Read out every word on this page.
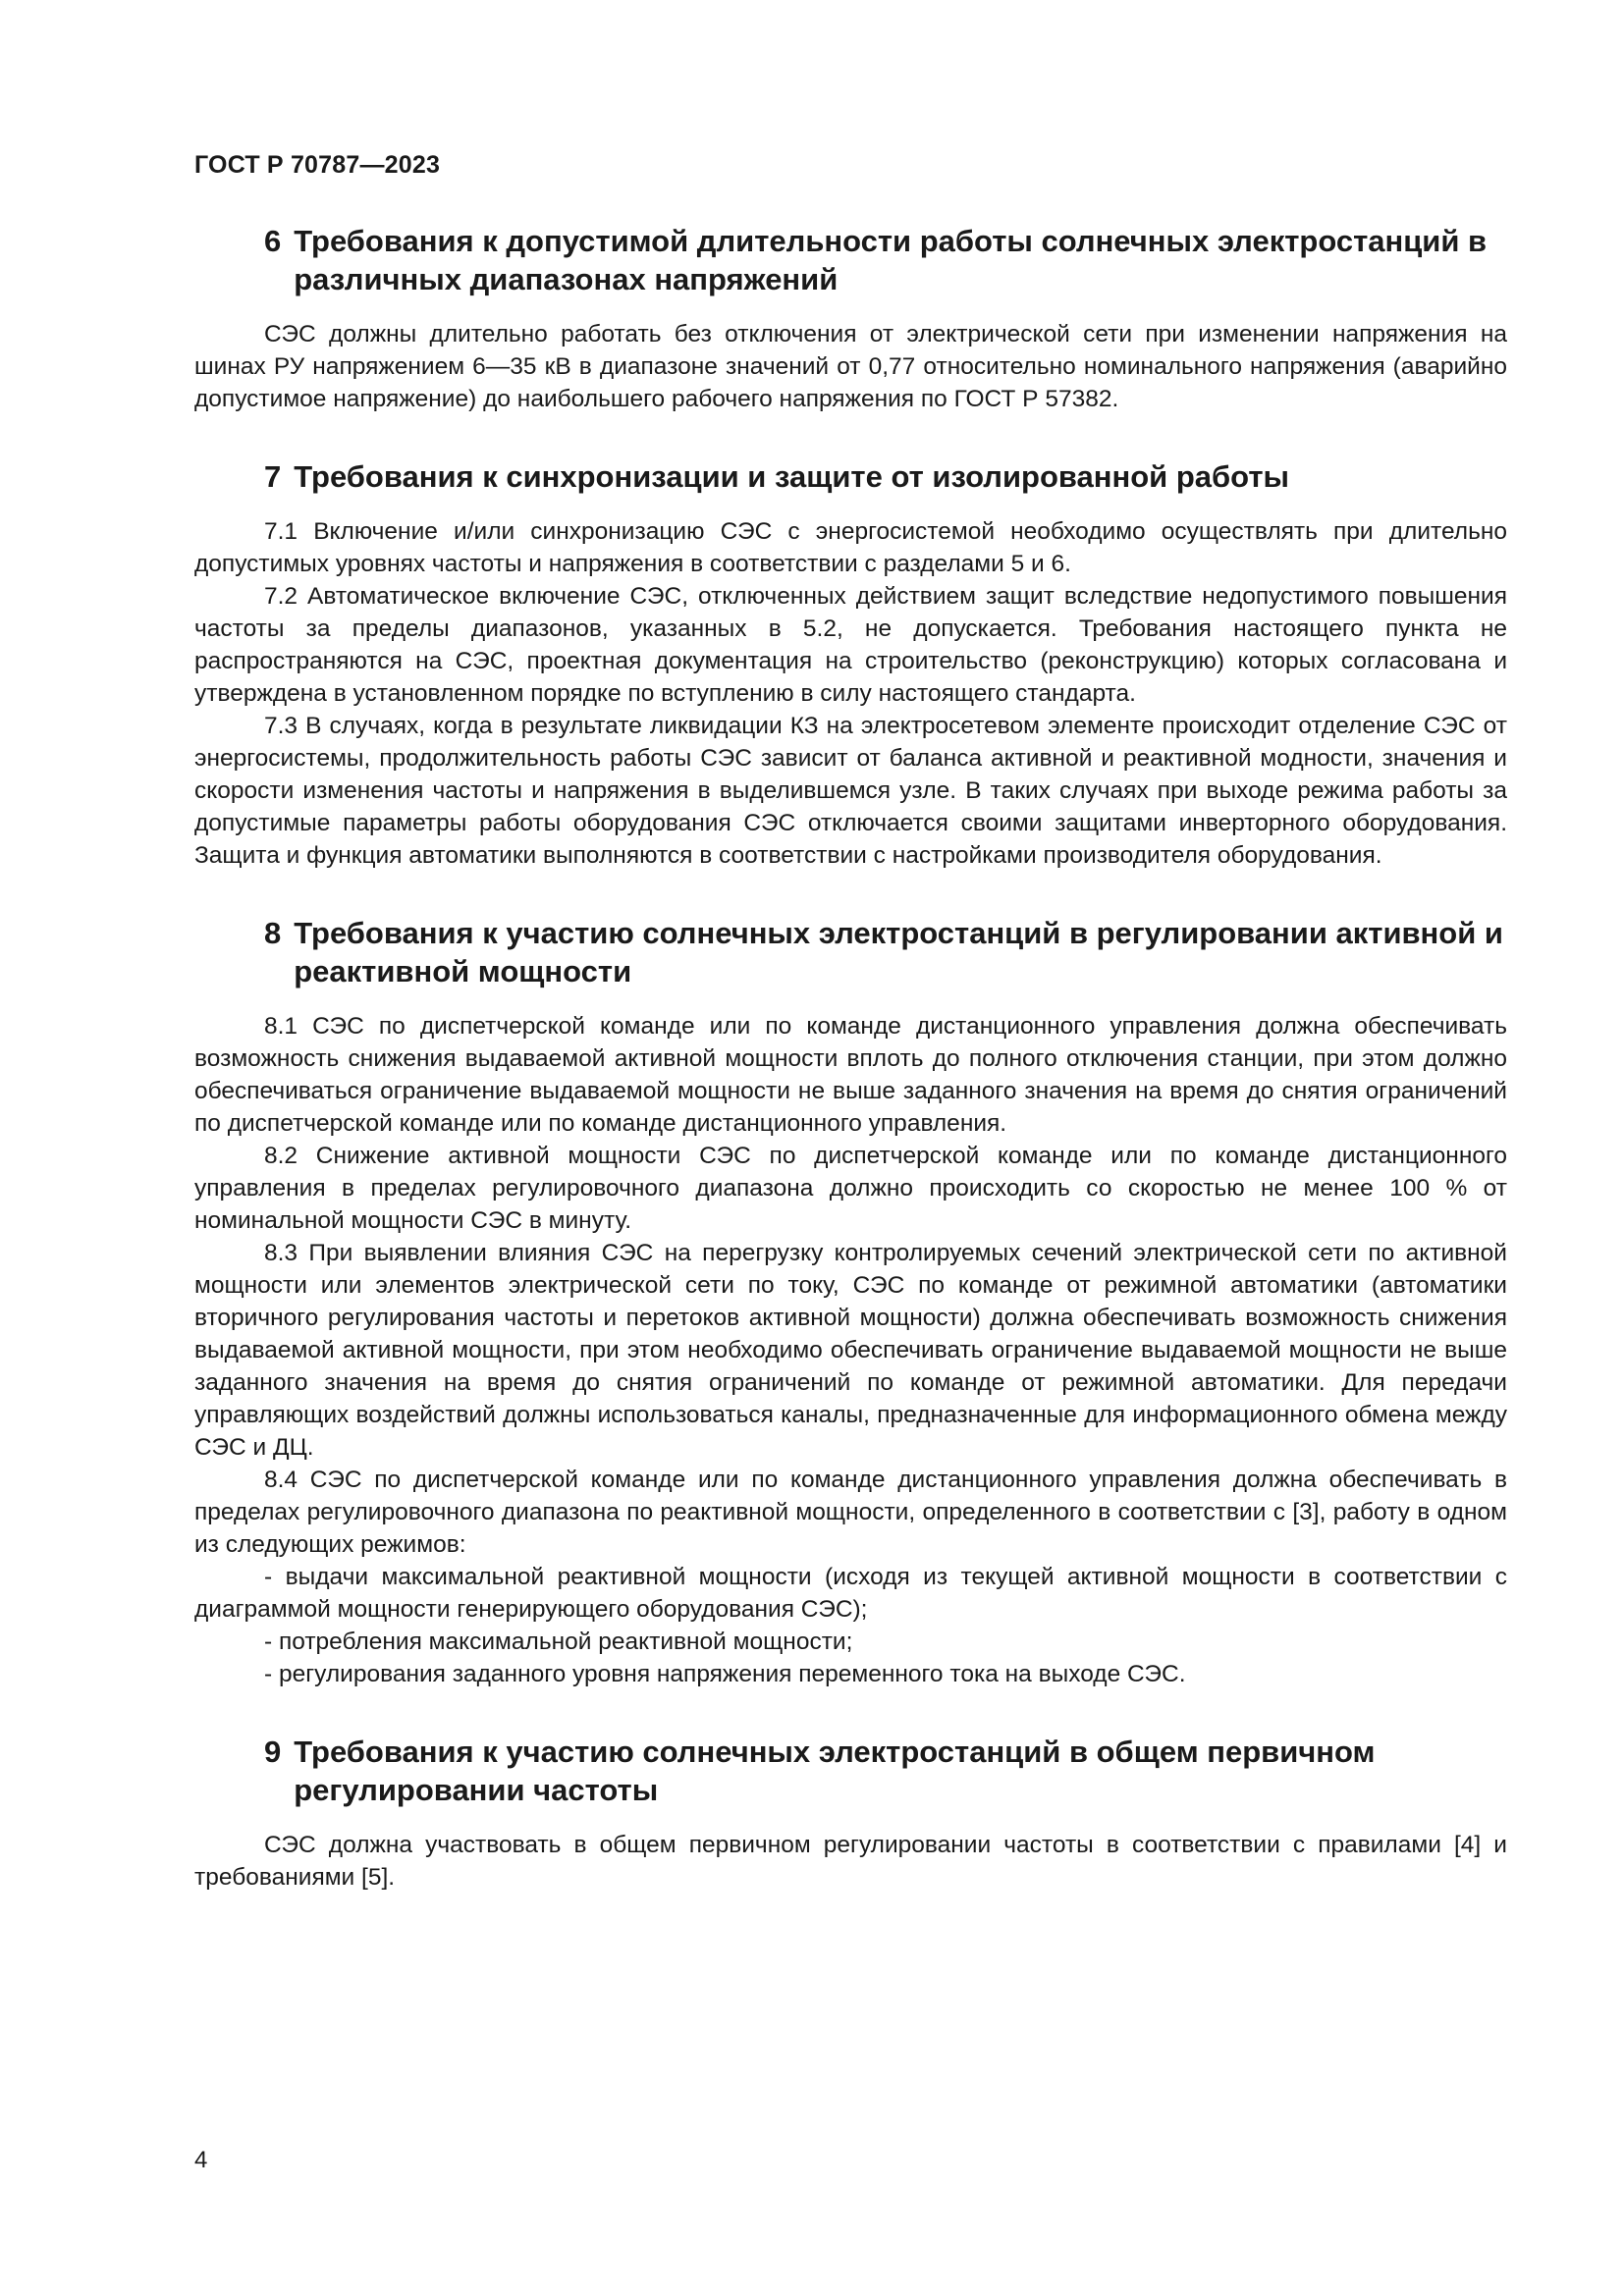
ГОСТ Р 70787—2023
6 Требования к допустимой длительности работы солнечных электростанций в различных диапазонах напряжений

СЭС должны длительно работать без отключения от электрической сети при изменении напряжения на шинах РУ напряжением 6—35 кВ в диапазоне значений от 0,77 относительно номинального напряжения (аварийно допустимое напряжение) до наибольшего рабочего напряжения по ГОСТ Р 57382.

7 Требования к синхронизации и защите от изолированной работы

7.1 Включение и/или синхронизацию СЭС с энергосистемой необходимо осуществлять при длительно допустимых уровнях частоты и напряжения в соответствии с разделами 5 и 6.

7.2 Автоматическое включение СЭС, отключенных действием защит вследствие недопустимого повышения частоты за пределы диапазонов, указанных в 5.2, не допускается. Требования настоящего пункта не распространяются на СЭС, проектная документация на строительство (реконструкцию) которых согласована и утверждена в установленном порядке по вступлению в силу настоящего стандарта.

7.3 В случаях, когда в результате ликвидации КЗ на электросетевом элементе происходит отделение СЭС от энергосистемы, продолжительность работы СЭС зависит от баланса активной и реактивной модности, значения и скорости изменения частоты и напряжения в выделившемся узле. В таких случаях при выходе режима работы за допустимые параметры работы оборудования СЭС отключается своими защитами инверторного оборудования. Защита и функция автоматики выполняются в соответствии с настройками производителя оборудования.

8 Требования к участию солнечных электростанций в регулировании активной и реактивной мощности

8.1 СЭС по диспетчерской команде или по команде дистанционного управления должна обеспечивать возможность снижения выдаваемой активной мощности вплоть до полного отключения станции, при этом должно обеспечиваться ограничение выдаваемой мощности не выше заданного значения на время до снятия ограничений по диспетчерской команде или по команде дистанционного управления.

8.2 Снижение активной мощности СЭС по диспетчерской команде или по команде дистанционного управления в пределах регулировочного диапазона должно происходить со скоростью не менее 100 % от номинальной мощности СЭС в минуту.

8.3 При выявлении влияния СЭС на перегрузку контролируемых сечений электрической сети по активной мощности или элементов электрической сети по току, СЭС по команде от режимной автоматики (автоматики вторичного регулирования частоты и перетоков активной мощности) должна обеспечивать возможность снижения выдаваемой активной мощности, при этом необходимо обеспечивать ограничение выдаваемой мощности не выше заданного значения на время до снятия ограничений по команде от режимной автоматики. Для передачи управляющих воздействий должны использоваться каналы, предназначенные для информационного обмена между СЭС и ДЦ.

8.4 СЭС по диспетчерской команде или по команде дистанционного управления должна обеспечивать в пределах регулировочного диапазона по реактивной мощности, определенного в соответствии с [3], работу в одном из следующих режимов:

- выдачи максимальной реактивной мощности (исходя из текущей активной мощности в соответствии с диаграммой мощности генерирующего оборудования СЭС);

- потребления максимальной реактивной мощности;

- регулирования заданного уровня напряжения переменного тока на выходе СЭС.

9 Требования к участию солнечных электростанций в общем первичном регулировании частоты

СЭС должна участвовать в общем первичном регулировании частоты в соответствии с правилами [4] и требованиями [5].

4
